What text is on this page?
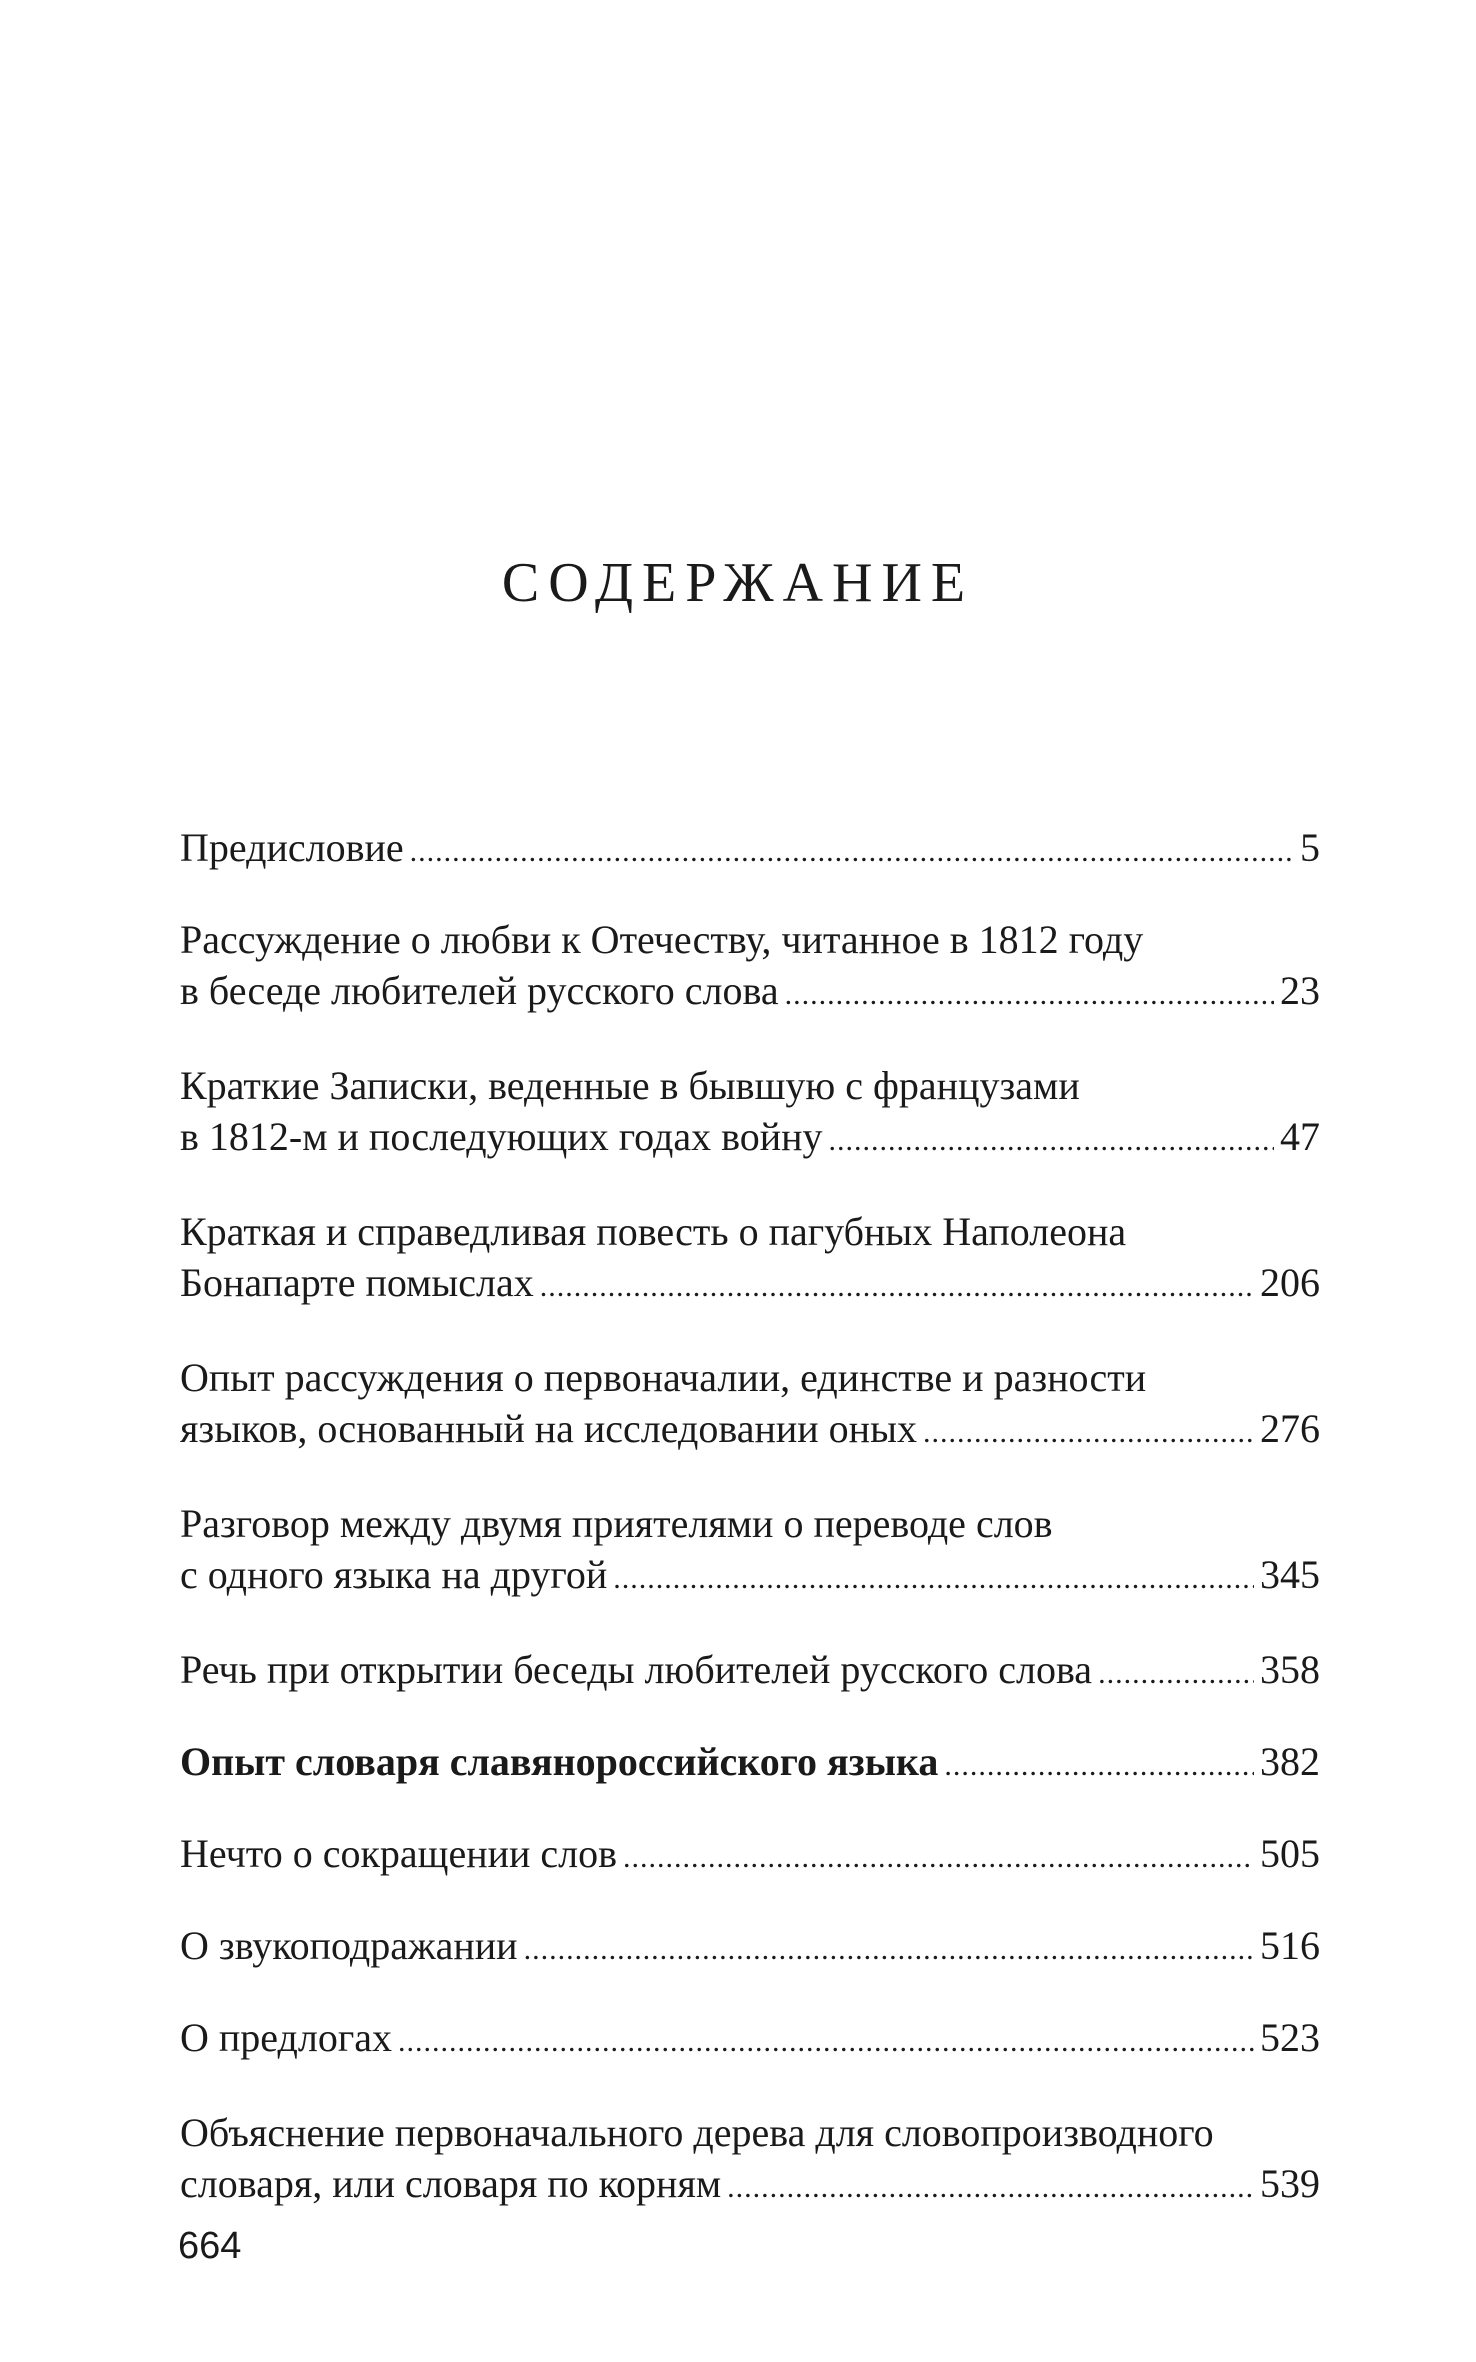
СОДЕРЖАНИЕ
Предисловие .....	5
Рассуждение о любви к Отечеству, читанное в 1812 году
в беседе любителей русского слова .....	23
Краткие Записки, веденные в бывшую с французами
в 1812-м и последующих годах войну .....	47
Краткая и справедливая повесть о пагубных Наполеона
Бонапарте помыслах .....	206
Опыт рассуждения о первоначалии, единстве и разности
языков, основанный на исследовании оных .....	276
Разговор между двумя приятелями о переводе слов
с одного языка на другой .....	345
Речь при открытии беседы любителей русского слова .....	358
Опыт словаря славянороссийского языка .....	382
Нечто о сокращении слов .....	505
О звукоподражании .....	516
О предлогах .....	523
Объяснение первоначального дерева для словопроизводного
словаря, или словаря по корням .....	539
664
